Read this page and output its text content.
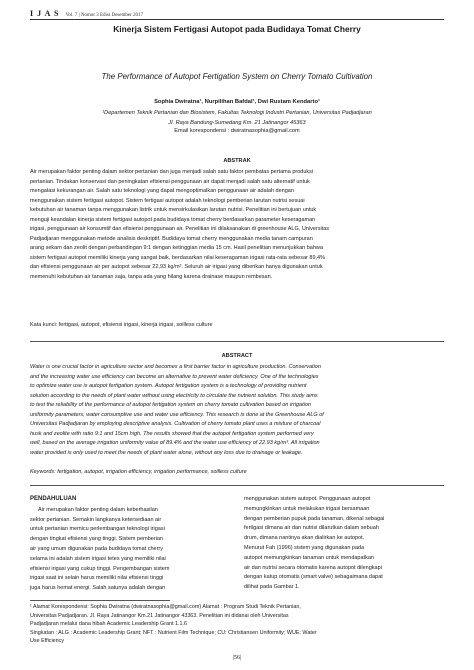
I J A S Vol. 7 | Nomor 3 Edisi Desember 2017
Kinerja Sistem Fertigasi Autopot pada Budidaya Tomat Cherry
The Performance of Autopot Fertigation System on Cherry Tomato Cultivation
Sophia Dwiratna¹, Nurpilihan Bafdal¹, Dwi Rustam Kendarto¹
¹Departemen Teknik Pertanian dan Biosistem, Fakultas Teknologi Industri Pertanian, Universitas Padjadjaran
Jl. Raya Bandung-Sumedang Km. 21 Jatinangor 45363
Email korespondensi : dwiratnasophia@gmail.com
ABSTRAK
Air merupakan faktor penting dalam sektor pertanian dan juga menjadi salah satu faktor pembatas pertama produksi
pertanian. Tindakan konservasi dan peningkatan efisiensi penggunaan air dapat menjadi salah satu alternatif untuk
mengatasi kekurangan air. Salah satu teknologi yang dapat mengoptimalkan penggunaan air adalah dengan
menggunakan sistem fertigasi autopot. Sistem fertigasi autopot adalah teknologi pemberian larutan nutrisi sesuai
kebutuhan air tanaman tanpa menggunakan listrik untuk mensirkulasikan larutan nutrisi. Penelitian ini bertujuan untuk
menguji keandalan kinerja sistem fertigasi autopot pada budidaya tomat cherry berdasarkan parameter keseragaman
irigasi, penggunaan air konsumtif dan efisiensi penggunaan air. Penelitian ini dilaksanakan di greenhouse ALG, Universitas
Padjadjaran menggunakan metode analisis deskriptif. Budidaya tomat cherry menggunakan media tanam campuran
arang sekam dan zeolit dengan perbandingan 9:1 dengan ketinggian media 15 cm. Hasil penelitian menunjukkan bahwa
sistem fertigasi autopot memiliki kinerja yang sangat baik, berdasarkan nilai keseragaman irigasi rata-rata sebesar 89,4%
dan efisiensi penggunaan air per autopot sebesar 22,93 kg/m³. Seluruh air irigasi yang diberikan hanya digunakan untuk
memenuhi kebutuhan air tanaman saja, tanpa ada yang hilang karena drainase maupun rembesan.
Kata kunci: fertigasi, autopot, efisiensi irigasi, kinerja irigasi, soilless culture
ABSTRACT
Water is one crucial factor in agriculture sector and becomes a first barrier factor in agriculture production. Conservation
and the increasing water use efficiency can become an alternative to prevent water deficiency. One of the technologies
to optimize water use is autopot fertigation system. Autopot fertigation system is a technology of providing nutrient
solution according to the needs of plant water without using electricity to circulate the nutrient solution. This study aims
to test the reliability of the performance of autopot fertigation system on cherry tomato cultivation based on irrigation
uniformity parameters, water consumptive use and water use efficiency. This research is done at the Greenhouse ALG of
Universitas Padjadjaran by employing descriptive analysis. Cultivation of cherry tomato plant uses a mixture of charcoal
husk and zeolite with ratio 9:1 and 15cm high. The results showed that the autopot fertigation system performed very
well, based on the average irrigation uniformity value of 89.4% and the water use efficiency of 22.93 kg/m³. All irrigation
water provided is only used to meet the needs of plant water alone, without any loss due to drainage or leakage.
Keywords: fertigation, autopot, irrigation efficiency, irrigation performance, soilless culture
PENDAHULUAN
Air merupakan faktor penting dalam keberhasilan
sektor pertanian. Semakin langkanya ketersediaan air
untuk pertanian memicu perlembangan teknologi irigasi
dengan tingkat efisiensi yang tinggi. Sistem pemberian
air yang umum digunakan pada budidaya tomat cherry
selama ini adalah sistem irigasi tetes yang memiliki nilai
efisiensi irigasi yang cukup tinggi. Pengembangan sistem
irigasi saat ini selain harus memiliki nilai efisiensi tinggi
juga harus hemat energi. Salah satunya adalah dengan
menggunakan sistem autopot. Penggunaan autopot
memungkinkan untuk melakukan irigasi bersamaan
dengan pemberian pupuk pada tanaman, dikenal sebagai
fertigasi dimana air dan nutrisi dilarutkan dalam sebuah
drum, dimana nantinya akan dialirkan ke autopot.
Menurut Fah (1996) sistem yang digunakan pada
autopot memungkinkan tanaman untuk mendapatkan
air dan nutrisi secara otomatis karena autopot dilengkapi
dengan katup otomatis (smart valve) sebagaimana dapat
dilihat pada Gambar 1.
¹ Alamat Korespondensi: Sophia Dwiratna (dwiratnasophia@gmail.com) Alamat : Program Studi Teknik Pertanian,
Universitas Padjadjaran. Jl. Raya Jatinangor Km.21 Jatinangor 43363. Penelitian ini didanai oleh Universitas
Padjadjaran melalui dana hibah Academic Leadership Grant 1.1.6
Singkatan : ALG : Academic Leadership Grant; NFT : Nutrient Film Technique; CU: Christiansen Uniformity; WUE: Water
Use Efficiency
|56|
